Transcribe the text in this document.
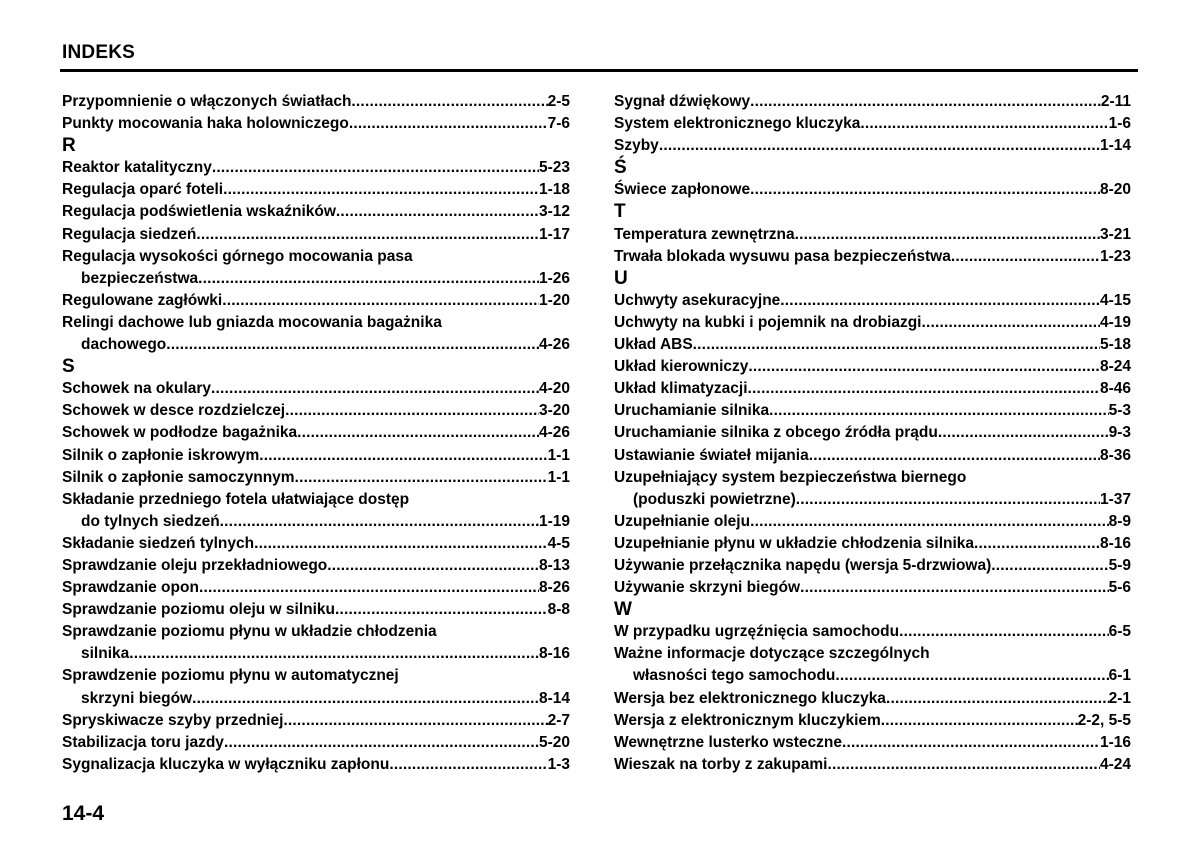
INDEKS
Przypomnienie o włączonych światłach .....	2-5
Punkty mocowania haka holowniczego .....	7-6
R
Reaktor katalityczny .....	5-23
Regulacja oparć foteli .....	1-18
Regulacja podświetlenia wskaźników .....	3-12
Regulacja siedzeń .....	1-17
Regulacja wysokości górnego mocowania pasa
bezpieczeństwa .....	1-26
Regulowane zagłówki .....	1-20
Relingi dachowe lub gniazda mocowania bagażnika
dachowego .....	4-26
S
Schowek na okulary .....	4-20
Schowek w desce rozdzielczej .....	3-20
Schowek w podłodze bagażnika .....	4-26
Silnik o zapłonie iskrowym .....	1-1
Silnik o zapłonie samoczynnym .....	1-1
Składanie przedniego fotela ułatwiające dostęp
do tylnych siedzeń .....	1-19
Składanie siedzeń tylnych .....	4-5
Sprawdzanie oleju przekładniowego .....	8-13
Sprawdzanie opon .....	8-26
Sprawdzanie poziomu oleju w silniku .....	8-8
Sprawdzanie poziomu płynu w układzie chłodzenia
silnika .....	8-16
Sprawdzenie poziomu płynu w automatycznej
skrzyni biegów .....	8-14
Spryskiwacze szyby przedniej .....	2-7
Stabilizacja toru jazdy .....	5-20
Sygnalizacja kluczyka w wyłączniku zapłonu .....	1-3
Sygnał dźwiękowy .....	2-11
System elektronicznego kluczyka .....	1-6
Szyby .....	1-14
Ś
Świece zapłonowe .....	8-20
T
Temperatura zewnętrzna .....	3-21
Trwała blokada wysuwu pasa bezpieczeństwa .....	1-23
U
Uchwyty asekuracyjne .....	4-15
Uchwyty na kubki i pojemnik na drobiazgi .....	4-19
Układ ABS .....	5-18
Układ kierowniczy .....	8-24
Układ klimatyzacji .....	8-46
Uruchamianie silnika .....	5-3
Uruchamianie silnika z obcego źródła prądu .....	9-3
Ustawianie świateł mijania .....	8-36
Uzupełniający system bezpieczeństwa biernego
(poduszki powietrzne) .....	1-37
Uzupełnianie oleju .....	8-9
Uzupełnianie płynu w układzie chłodzenia silnika .....	8-16
Używanie przełącznika napędu (wersja 5-drzwiowa) .....	5-9
Używanie skrzyni biegów .....	5-6
W
W przypadku ugrzęźnięcia samochodu .....	6-5
Ważne informacje dotyczące szczególnych
własności tego samochodu .....	6-1
Wersja bez elektronicznego kluczyka .....	2-1
Wersja z elektronicznym kluczykiem .....	2-2, 5-5
Wewnętrzne lusterko wsteczne .....	1-16
Wieszak na torby z zakupami .....	4-24
14-4
